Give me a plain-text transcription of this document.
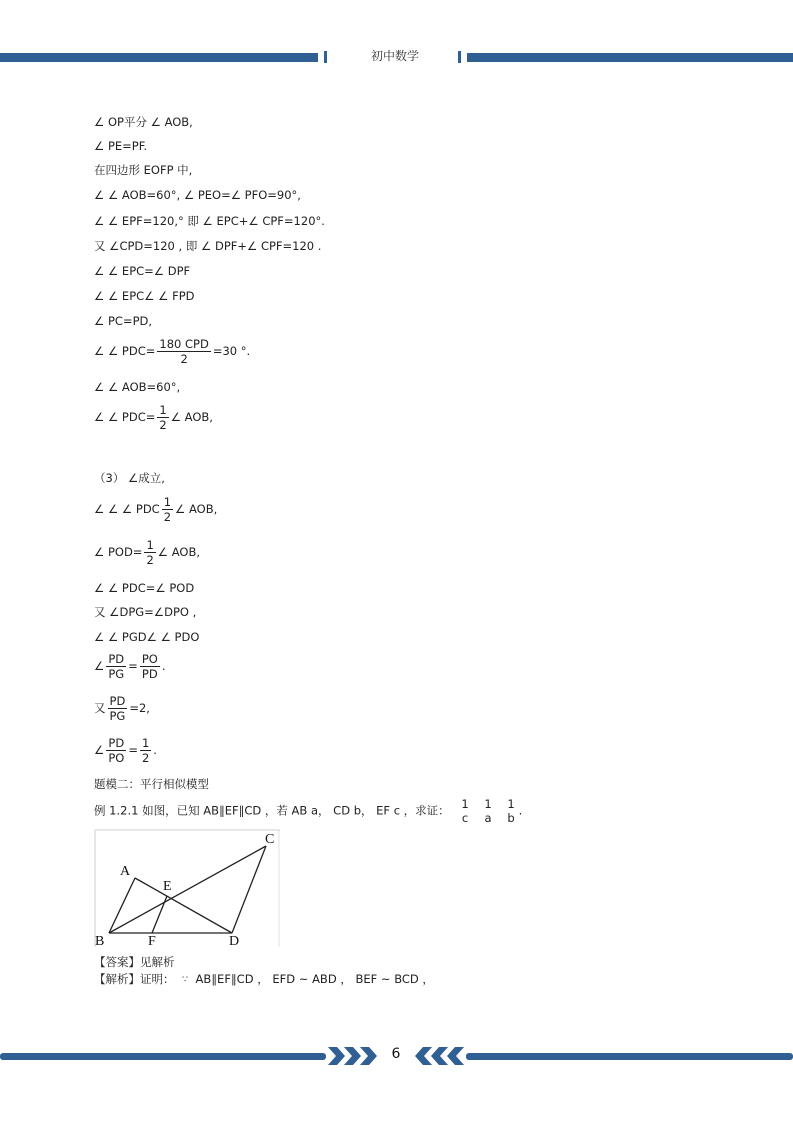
初中数学
∠ OP平分 ∠ AOB,
∠ PE=PF.
在四边形 EOFP 中,
∠ ∠ AOB=60°, ∠ PEO=∠ PFO=90°,
∠ ∠ EPF=120,° 即 ∠ EPC+∠ CPF=120°.
又 ∠CPD=120 , 即 ∠ DPF+∠ CPF=120 .
∠ ∠ EPC=∠ DPF
∠ ∠ EPC∠ ∠ FPD
∠ PC=PD,
∠ ∠ $PDC= \frac{\text{180 CPD}}{2} =30$ °.
∠ ∠ AOB=60°,
∠ ∠ $PDC= \frac{1}{2}$ ∠ AOB,
（3） ∠成立,
∠ ∠ ∠ PDC $\frac{1}{2}$ ∠ AOB,
∠ $POD= \frac{1}{2}$ ∠ AOB,
∠ ∠ PDC=∠ POD
又 ∠DPG=∠DPO ,
∠ ∠ PGD∠ ∠ PDO
∠ $\frac{PD}{PG} = \frac{PO}{PD}$ .
又 $\frac{PD}{PG} =2$,
∠ $\frac{PD}{PO} = \frac{1}{2}$ .
题模二：平行相似模型
例 1.2.1 如图，已知 AB∥EF∥CD ，若 AB a， CD b， EF c ，求证： 1
c

1
a

1
b
.
A
B
C
D
E
F
【答案】见解析
【解析】证明： ∵ AB∥EF∥CD ， EFD ~ ABD ， BEF ~ BCD ，
6
